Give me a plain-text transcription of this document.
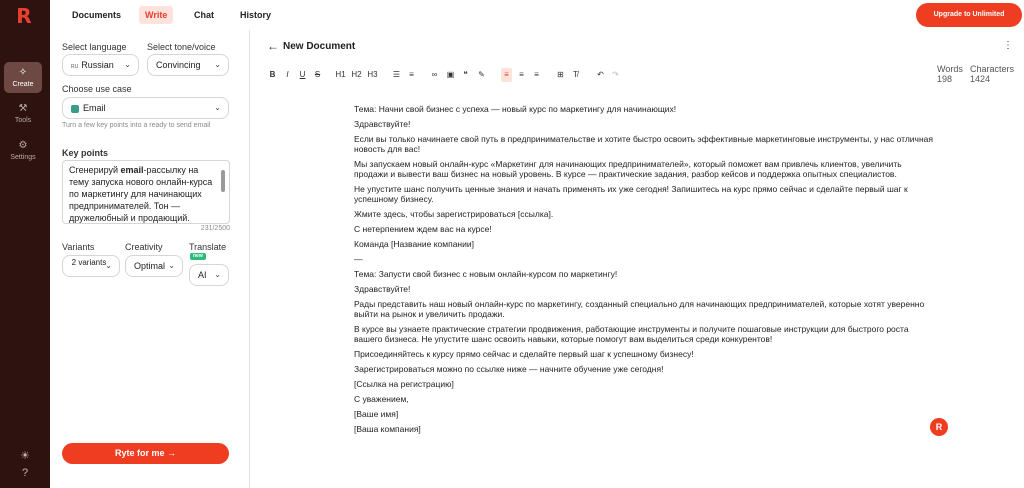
R
✧
Create
⚒
Tools
⚙
Settings
☀
?
Documents	Write	Chat	History	Upgrade to Unlimited
Select language
RU Russian ⌄
Select tone/voice
Convincing ⌄
Choose use case
Email	⌄
Turn a few key points into a ready to send email
Key points
Сгенерируй email-рассылку на тему запуска нового онлайн-курса по маркетингу для начинающих предпринимателей. Тон — дружелюбный и продающий.
231/2500
Variants
2 variants
⌄
Creativity
Optimal ⌄
Translate
new
AI ⌄
Ryte for me →
← New Document	⋮
B	I	U	S	H1 H2 H3 ☰	≡	∞	▣	❝	✎	≡	≡	≡	⊞	T̸	↶ ↷
Words
198
Characters
1424

Тема: Начни свой бизнес с успеха — новый курс по маркетингу для начинающих!

Здравствуйте!

Если вы только начинаете свой путь в предпринимательстве и хотите быстро освоить эффективные маркетинговые инструменты, у нас отличная новость для вас!

Мы запускаем новый онлайн-курс «Маркетинг для начинающих предпринимателей», который поможет вам привлечь клиентов, увеличить продажи и вывести ваш бизнес на новый уровень. В курсе — практические задания, разбор кейсов и поддержка опытных специалистов.

Не упустите шанс получить ценные знания и начать применять их уже сегодня! Запишитесь на курс прямо сейчас и сделайте первый шаг к успешному бизнесу.

Жмите здесь, чтобы зарегистрироваться [ссылка].

С нетерпением ждем вас на курсе!

Команда [Название компании]

—

Тема: Запусти свой бизнес с новым онлайн-курсом по маркетингу!

Здравствуйте!

Рады представить наш новый онлайн-курс по маркетингу, созданный специально для начинающих предпринимателей, которые хотят уверенно выйти на рынок и увеличить продажи.

В курсе вы узнаете практические стратегии продвижения, работающие инструменты и получите пошаговые инструкции для быстрого роста вашего бизнеса. Не упустите шанс освоить навыки, которые помогут вам выделиться среди конкурентов!

Присоединяйтесь к курсу прямо сейчас и сделайте первый шаг к успешному бизнесу!

Зарегистрироваться можно по ссылке ниже — начните обучение уже сегодня!

[Ссылка на регистрацию]

С уважением,

[Ваше имя]

[Ваша компания]	R
